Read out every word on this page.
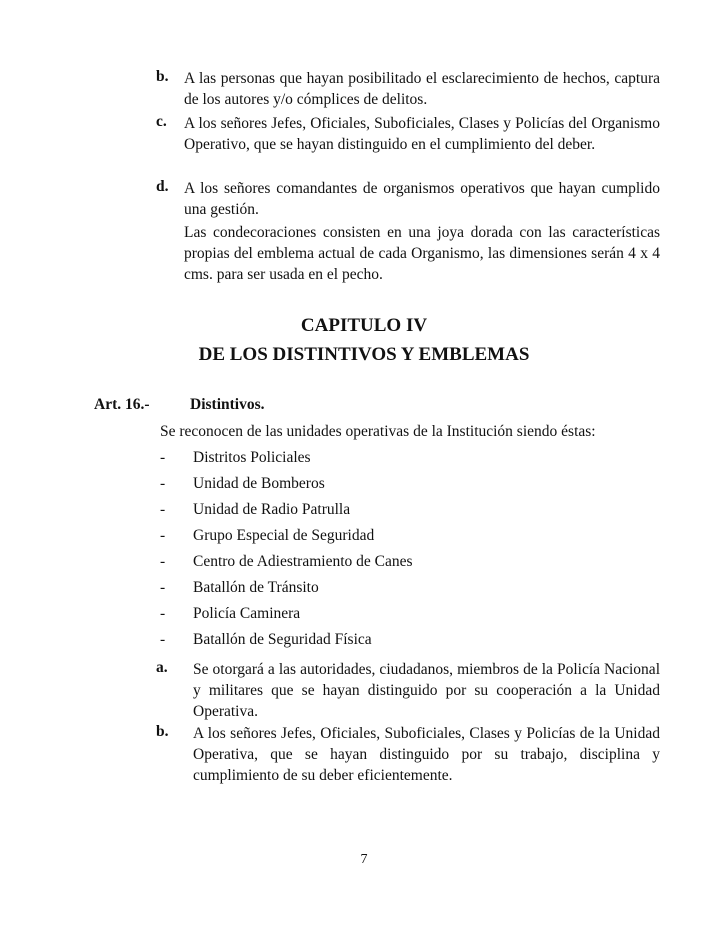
b. A las personas que hayan posibilitado el esclarecimiento de hechos, captura de los autores y/o cómplices de delitos.
c. A los señores Jefes, Oficiales, Suboficiales, Clases y Policías del Organismo Operativo, que se hayan distinguido en el cumplimiento del deber.
d. A los señores comandantes de organismos operativos que hayan cumplido una gestión.
Las condecoraciones consisten en una joya dorada con las características propias del emblema actual de cada Organismo, las dimensiones serán 4 x 4 cms. para ser usada en el pecho.
CAPITULO IV
DE LOS DISTINTIVOS Y EMBLEMAS
Art. 16.-	Distintivos.
Se reconocen de las unidades operativas de la Institución siendo éstas:
-	Distritos Policiales
-	Unidad de Bomberos
-	Unidad de Radio Patrulla
-	Grupo Especial de Seguridad
-	Centro de Adiestramiento de Canes
-	Batallón de Tránsito
-	Policía Caminera
-	Batallón de Seguridad Física
a. Se otorgará a las autoridades, ciudadanos, miembros de la Policía Nacional y militares que se hayan distinguido por su cooperación a la Unidad Operativa.
b. A los señores Jefes, Oficiales, Suboficiales, Clases y Policías de la Unidad Operativa, que se hayan distinguido por su trabajo, disciplina y cumplimiento de su deber eficientemente.
7
